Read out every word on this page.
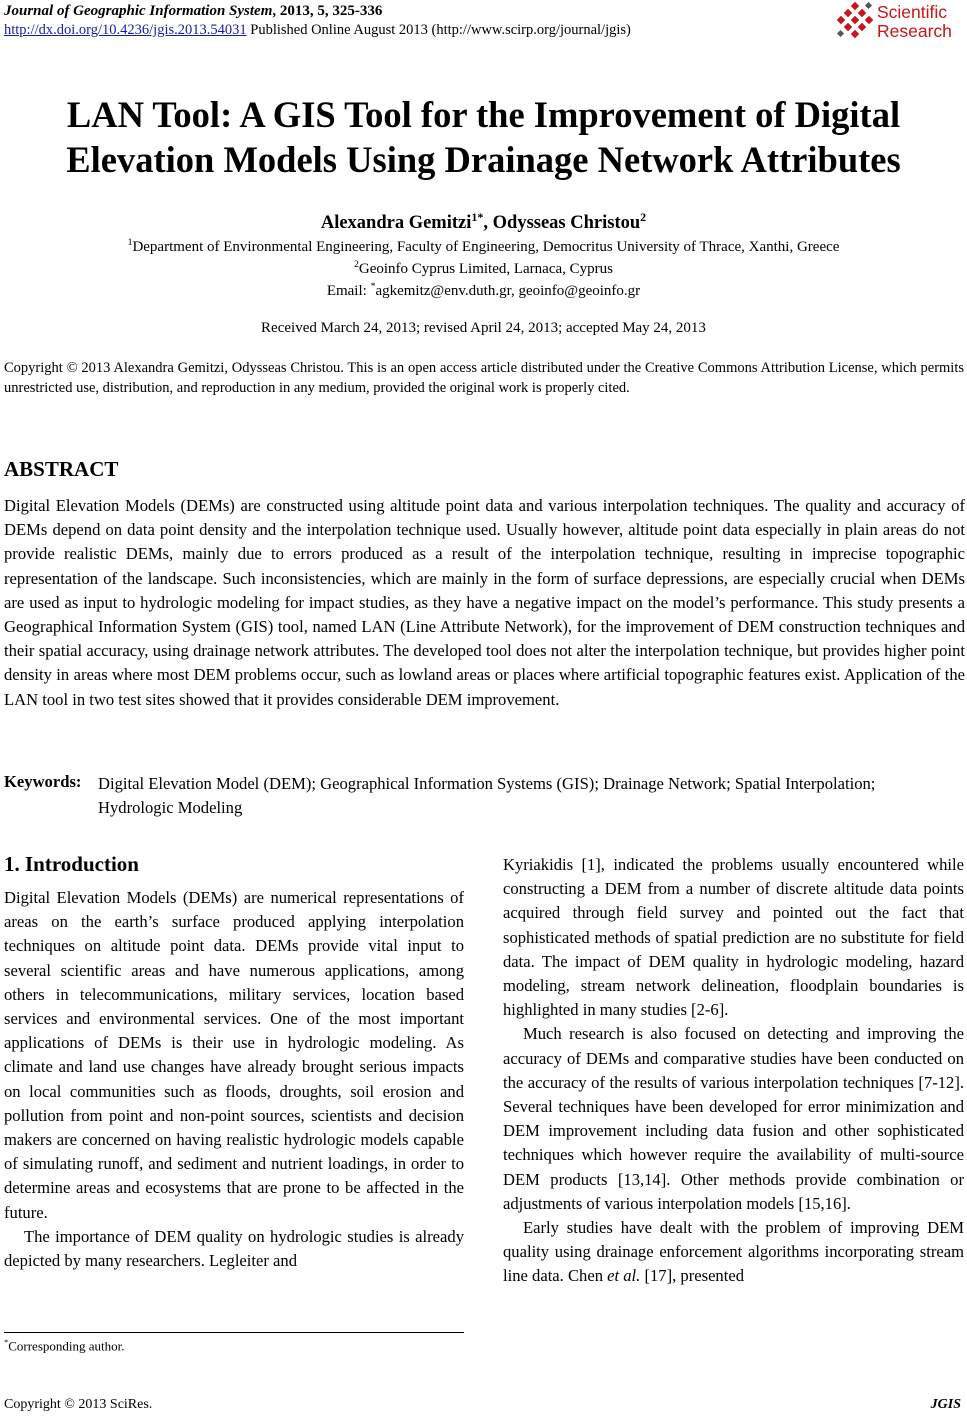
Journal of Geographic Information System, 2013, 5, 325-336
http://dx.doi.org/10.4236/jgis.2013.54031 Published Online August 2013 (http://www.scirp.org/journal/jgis)
Scientific
Research
LAN Tool: A GIS Tool for the Improvement of Digital
Elevation Models Using Drainage Network Attributes
Alexandra Gemitzi$^{1*}$, Odysseas Christou$^2$
$^1$Department of Environmental Engineering, Faculty of Engineering, Democritus University of Thrace, Xanthi, Greece
$^2$Geoinfo Cyprus Limited, Larnaca, Cyprus
Email: *agkemitz@env.duth.gr, geoinfo@geoinfo.gr
Received March 24, 2013; revised April 24, 2013; accepted May 24, 2013
Copyright © 2013 Alexandra Gemitzi, Odysseas Christou. This is an open access article distributed under the Creative Commons Attribution License, which permits unrestricted use, distribution, and reproduction in any medium, provided the original work is properly cited.
ABSTRACT
Digital Elevation Models (DEMs) are constructed using altitude point data and various interpolation techniques. The quality and accuracy of DEMs depend on data point density and the interpolation technique used. Usually however, altitude point data especially in plain areas do not provide realistic DEMs, mainly due to errors produced as a result of the interpolation technique, resulting in imprecise topographic representation of the landscape. Such inconsistencies, which are mainly in the form of surface depressions, are especially crucial when DEMs are used as input to hydrologic modeling for impact studies, as they have a negative impact on the model’s performance. This study presents a Geographical Information System (GIS) tool, named LAN (Line Attribute Network), for the improvement of DEM construction techniques and their spatial accuracy, using drainage network attributes. The developed tool does not alter the interpolation technique, but provides higher point density in areas where most DEM problems occur, such as lowland areas or places where artificial topographic features exist. Application of the LAN tool in two test sites showed that it provides considerable DEM improvement.
Keywords: Digital Elevation Model (DEM); Geographical Information Systems (GIS); Drainage Network; Spatial Interpolation; Hydrologic Modeling
1. Introduction

Digital Elevation Models (DEMs) are numerical representations of areas on the earth’s surface produced applying interpolation techniques on altitude point data. DEMs provide vital input to several scientific areas and have numerous applications, among others in telecommunications, military services, location based services and environmental services. One of the most important applications of DEMs is their use in hydrologic modeling. As climate and land use changes have already brought serious impacts on local communities such as floods, droughts, soil erosion and pollution from point and non-point sources, scientists and decision makers are concerned on having realistic hydrologic models capable of simulating runoff, and sediment and nutrient loadings, in order to determine areas and ecosystems that are prone to be affected in the future.

The importance of DEM quality on hydrologic studies is already depicted by many researchers. Legleiter and

Kyriakidis [1], indicated the problems usually encountered while constructing a DEM from a number of discrete altitude data points acquired through field survey and pointed out the fact that sophisticated methods of spatial prediction are no substitute for field data. The impact of DEM quality in hydrologic modeling, hazard modeling, stream network delineation, floodplain boundaries is highlighted in many studies [2-6].

Much research is also focused on detecting and improving the accuracy of DEMs and comparative studies have been conducted on the accuracy of the results of various interpolation techniques [7-12]. Several techniques have been developed for error minimization and DEM improvement including data fusion and other sophisticated techniques which however require the availability of multi-source DEM products [13,14]. Other methods provide combination or adjustments of various interpolation models [15,16].

Early studies have dealt with the problem of improving DEM quality using drainage enforcement algorithms incorporating stream line data. Chen et al. [17], presented

*Corresponding author.
Copyright © 2013 SciRes.	JGIS
